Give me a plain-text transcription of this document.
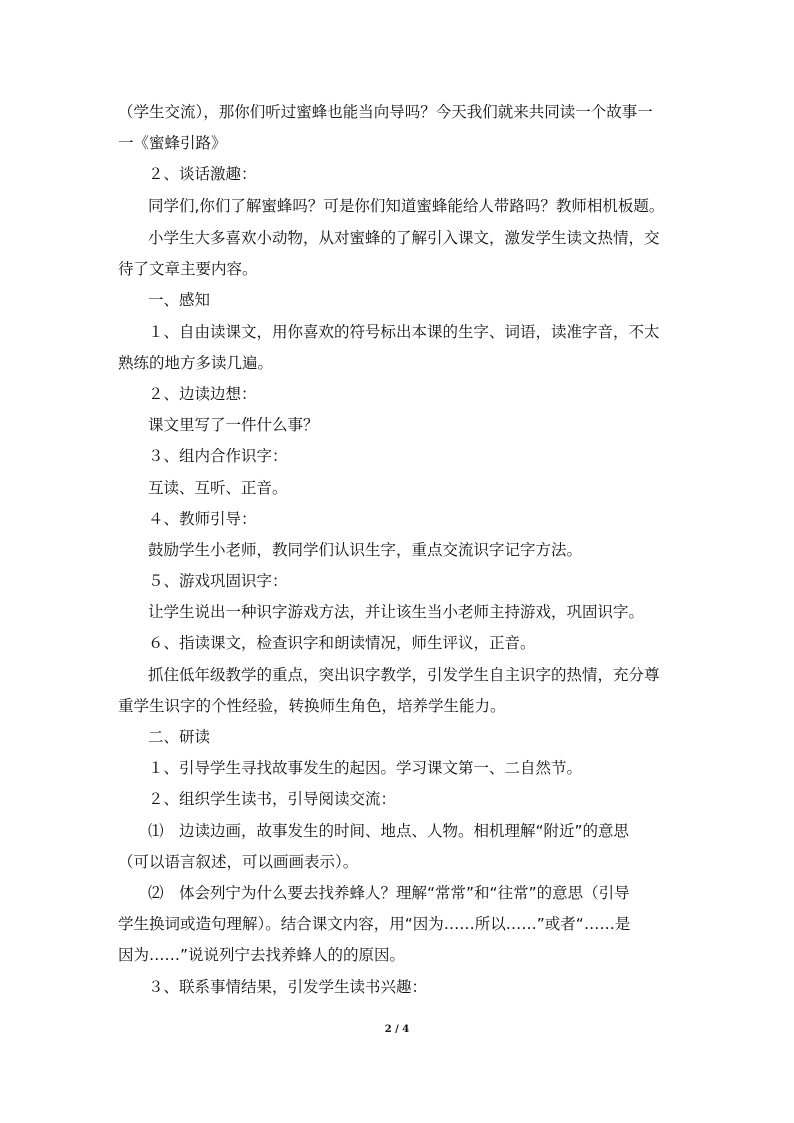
（学生交流），那你们听过蜜蜂也能当向导吗？今天我们就来共同读一个故事一
一《蜜蜂引路》
２、谈话激趣：
同学们,你们了解蜜蜂吗？可是你们知道蜜蜂能给人带路吗？教师相机板题。
小学生大多喜欢小动物，从对蜜蜂的了解引入课文，激发学生读文热情，交
待了文章主要内容。
一、感知
１、自由读课文，用你喜欢的符号标出本课的生字、词语，读准字音，不太
熟练的地方多读几遍。
２、边读边想：
课文里写了一件什么事？
３、组内合作识字：
互读、互听、正音。
４、教师引导：
鼓励学生小老师，教同学们认识生字，重点交流识字记字方法。
５、游戏巩固识字：
让学生说出一种识字游戏方法，并让该生当小老师主持游戏，巩固识字。
６、指读课文，检查识字和朗读情况，师生评议，正音。
抓住低年级教学的重点，突出识字教学，引发学生自主识字的热情，充分尊
重学生识字的个性经验，转换师生角色，培养学生能力。
二、研读
１、引导学生寻找故事发生的起因。学习课文第一、二自然节。
２、组织学生读书，引导阅读交流：
⑴　边读边画，故事发生的时间、地点、人物。相机理解“附近”的意思
（可以语言叙述，可以画画表示）。
⑵　体会列宁为什么要去找养蜂人？理解“常常”和“往常”的意思（引导
学生换词或造句理解）。结合课文内容，用“因为……所以……”或者“……是
因为……”说说列宁去找养蜂人的的原因。
３、联系事情结果，引发学生读书兴趣：
2 / 4
